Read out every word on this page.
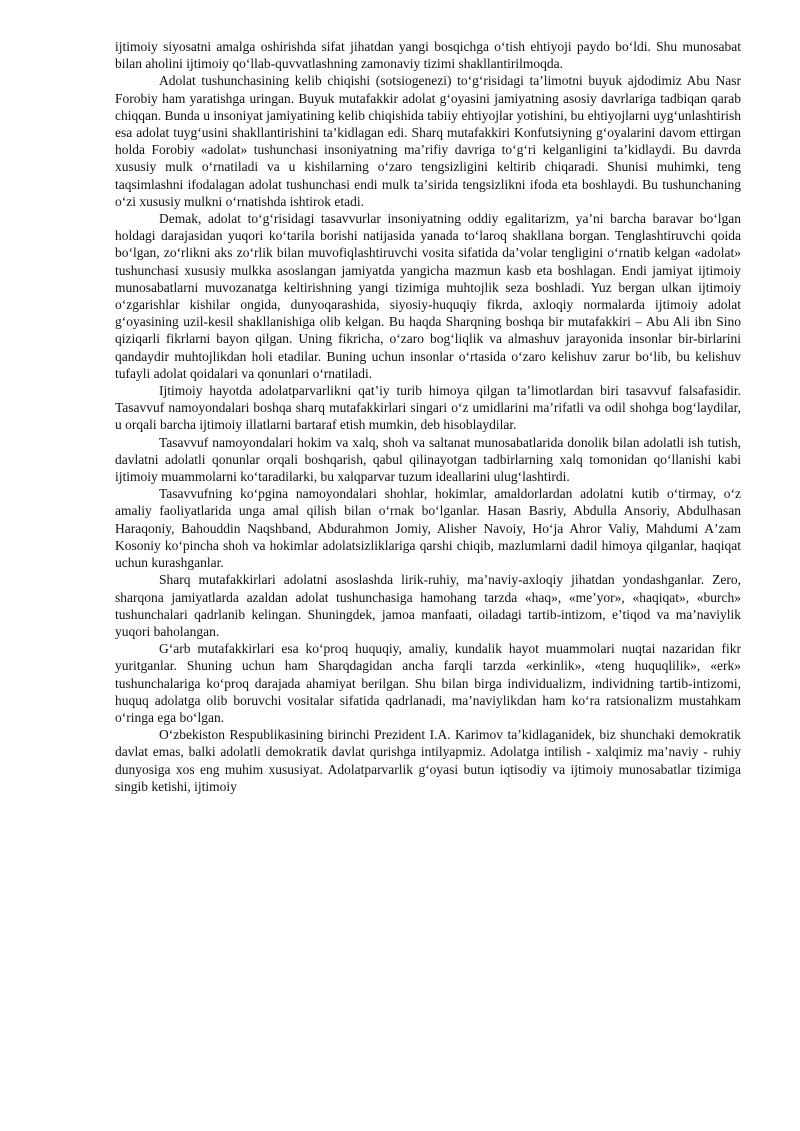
ijtimoiy siyosatni amalga oshirishda sifat jihatdan yangi bosqichga oʻtish ehtiyoji paydo boʻldi. Shu munosabat bilan aholini ijtimoiy qoʻllab-quvvatlashning zamonaviy tizimi shakllantirilmoqda.

Adolat tushunchasining kelib chiqishi (sotsiogenezi) toʻgʻrisidagi taʼlimotni buyuk ajdodimiz Abu Nasr Forobiy ham yaratishga uringan. Buyuk mutafakkir adolat gʻoyasini jamiyatning asosiy davrlariga tadbiqan qarab chiqqan. Bunda u insoniyat jamiyatining kelib chiqishida tabiiy ehtiyojlar yotishini, bu ehtiyojlarni uygʻunlashtirish esa adolat tuygʻusini shakllantirishini taʼkidlagan edi. Sharq mutafakkiri Konfutsiyning gʻoyalarini davom ettirgan holda Forobiy «adolat» tushunchasi insoniyatning maʼrifiy davriga toʻgʻri kelganligini taʼkidlaydi. Bu davrda xususiy mulk oʻrnatiladi va u kishilarning oʻzaro tengsizligini keltirib chiqaradi. Shunisi muhimki, teng taqsimlashni ifodalagan adolat tushunchasi endi mulk taʼsirida tengsizlikni ifoda eta boshlaydi. Bu tushunchaning oʻzi xususiy mulkni oʻrnatishda ishtirok etadi.

Demak, adolat toʻgʻrisidagi tasavvurlar insoniyatning oddiy egalitarizm, yaʼni barcha baravar boʻlgan holdagi darajasidan yuqori koʻtarila borishi natijasida yanada toʻlaroq shakllana borgan. Tenglashtiruvchi qoida boʻlgan, zoʻrlikni aks zoʻrlik bilan muvofiqlashtiruvchi vosita sifatida daʼvolar tengligini oʻrnatib kelgan «adolat» tushunchasi xususiy mulkka asoslangan jamiyatda yangicha mazmun kasb eta boshlagan. Endi jamiyat ijtimoiy munosabatlarni muvozanatga keltirishning yangi tizimiga muhtojlik seza boshladi. Yuz bergan ulkan ijtimoiy oʻzgarishlar kishilar ongida, dunyoqarashida, siyosiy-huquqiy fikrda, axloqiy normalarda ijtimoiy adolat gʻoyasining uzil-kesil shakllanishiga olib kelgan. Bu haqda Sharqning boshqa bir mutafakkiri – Abu Ali ibn Sino qiziqarli fikrlarni bayon qilgan. Uning fikricha, oʻzaro bogʻliqlik va almashuv jarayonida insonlar bir-birlarini qandaydir muhtojlikdan holi etadilar. Buning uchun insonlar oʻrtasida oʻzaro kelishuv zarur boʻlib, bu kelishuv tufayli adolat qoidalari va qonunlari oʻrnatiladi.

Ijtimoiy hayotda adolatparvarlikni qatʼiy turib himoya qilgan taʼlimotlardan biri tasavvuf falsafasidir. Tasavvuf namoyondalari boshqa sharq mutafakkirlari singari oʻz umidlarini maʼrifatli va odil shohga bogʻlaydilar, u orqali barcha ijtimoiy illatlarni bartaraf etish mumkin, deb hisoblaydilar.

Tasavvuf namoyondalari hokim va xalq, shoh va saltanat munosabatlarida donolik bilan adolatli ish tutish, davlatni adolatli qonunlar orqali boshqarish, qabul qilinayotgan tadbirlarning xalq tomonidan qoʻllanishi kabi ijtimoiy muammolarni koʻtaradilarki, bu xalqparvar tuzum ideallarini ulugʻlashtirdi.

Tasavvufning koʻpgina namoyondalari shohlar, hokimlar, amaldorlardan adolatni kutib oʻtirmay, oʻz amaliy faoliyatlarida unga amal qilish bilan oʻrnak boʻlganlar. Hasan Basriy, Abdulla Ansoriy, Abdulhasan Haraqoniy, Bahouddin Naqshband, Abdurahmon Jomiy, Alisher Navoiy, Hoʻja Ahror Valiy, Mahdumi Aʼzam Kosoniy koʻpincha shoh va hokimlar adolatsizliklariga qarshi chiqib, mazlumlarni dadil himoya qilganlar, haqiqat uchun kurashganlar.

Sharq mutafakkirlari adolatni asoslashda lirik-ruhiy, maʼnaviy-axloqiy jihatdan yondashganlar. Zero, sharqona jamiyatlarda azaldan adolat tushunchasiga hamohang tarzda «haq», «meʼyor», «haqiqat», «burch» tushunchalari qadrlanib kelingan. Shuningdek, jamoa manfaati, oiladagi tartib-intizom, eʼtiqod va maʼnaviylik yuqori baholangan.

Gʻarb mutafakkirlari esa koʻproq huquqiy, amaliy, kundalik hayot muammolari nuqtai nazaridan fikr yuritganlar. Shuning uchun ham Sharqdagidan ancha farqli tarzda «erkinlik», «teng huquqlilik», «erk» tushunchalariga koʻproq darajada ahamiyat berilgan. Shu bilan birga individualizm, individning tartib-intizomi, huquq adolatga olib boruvchi vositalar sifatida qadrlanadi, maʼnaviylikdan ham koʻra ratsionalizm mustahkam oʻringa ega boʻlgan.

Oʻzbekiston Respublikasining birinchi Prezident I.A. Karimov taʼkidlaganidek, biz shunchaki demokratik davlat emas, balki adolatli demokratik davlat qurishga intilyapmiz. Adolatga intilish - xalqimiz maʼnaviy - ruhiy dunyosiga xos eng muhim xususiyat. Adolatparvarlik gʻoyasi butun iqtisodiy va ijtimoiy munosabatlar tizimiga singib ketishi, ijtimoiy
